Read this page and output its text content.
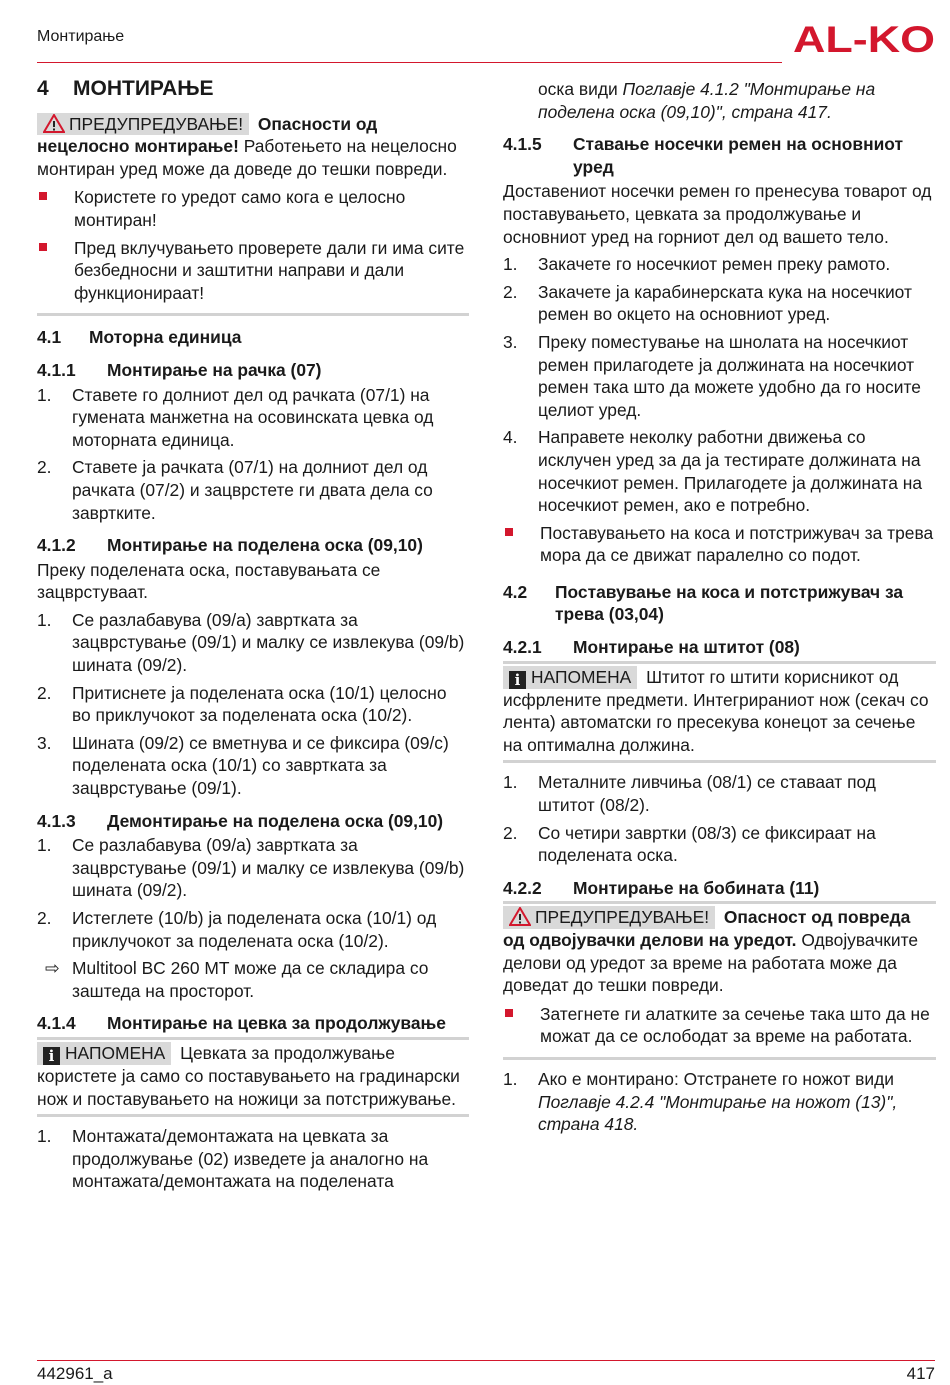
Монтирање	AL-KO
4	МОНТИРАЊЕ

ПРЕДУПРЕДУВАЊЕ! Опасности од нецелосно монтирање! Работењето на нецелосно монтиран уред може да доведе до тешки повреди.

Користете го уредот само кога е целосно монтиран!
Пред вклучувањето проверете дали ги има сите безбедносни и заштитни направи и дали функционираат!
4.1	Моторна единица
4.1.1	Монтирање на рачка (07)
1.	Ставете го долниот дел од рачката (07/1) на гумената манжетна на осовинската цевка од моторната единица.
2.	Ставете ја рачката (07/1) на долниот дел од рачката (07/2) и зацврстете ги двата дела со завртките.
4.1.2	Монтирање на поделена оска (09,10)

Преку поделената оска, поставувањата се зацврстуваат.

1.	Се разлабавува (09/a) завртката за зацврстување (09/1) и малку се извлекува (09/b) шината (09/2).
2.	Притиснете ја поделената оска (10/1) целосно во приклучокот за поделената оска (10/2).
3.	Шината (09/2) се вметнува и се фиксира (09/c) поделената оска (10/1) со завртката за зацврстување (09/1).
4.1.3	Демонтирање на поделена оска (09,10)
1.	Се разлабавува (09/a) завртката за зацврстување (09/1) и малку се извлекува (09/b) шината (09/2).
2.	Истеглете (10/b) ја поделената оска (10/1) од приклучокот за поделената оска (10/2).
⇨ Multitool BC 260 MT може да се складира со заштеда на просторот.
4.1.4	Монтирање на цевка за продолжување

i НАПОМЕНА Цевката за продолжување користете ја само со поставувањето на градинарски нож и поставувањето на ножици за потстрижување.

1.	Монтажата/демонтажата на цевката за продолжување (02) изведете ја аналогно на монтажата/демонтажата на поделената

оска види Поглавје 4.1.2 "Монтирање на поделена оска (09,10)", страна 417.

4.1.5	Ставање носечки ремен на основниот уред

Доставениот носечки ремен го пренесува товарот од поставувањето, цевката за продолжување и основниот уред на горниот дел од вашето тело.

1.	Закачете го носечкиот ремен преку рамото.
2.	Закачете ја карабинерската кука на носечкиот ремен во окцето на основниот уред.
3.	Преку поместување на шнолата на носечкиот ремен прилагодете ја должината на носечкиот ремен така што да можете удобно да го носите целиот уред.
4.	Направете неколку работни движења со исклучен уред за да ја тестирате должината на носечкиот ремен. Прилагодете ја должината на носечкиот ремен, ако е потребно.
Поставувањето на коса и потстрижувач за трева мора да се движат паралелно со подот.
4.2	Поставување на коса и потстрижувач за трева (03,04)
4.2.1	Монтирање на штитот (08)

i НАПОМЕНА Штитот го штити корисникот од исфрлените предмети. Интегрираниот нож (секач со лента) автоматски го пресекува конецот за сечење на оптимална должина.

1.	Металните ливчиња (08/1) се ставаат под штитот (08/2).
2.	Со четири завртки (08/3) се фиксираат на поделената оска.
4.2.2	Монтирање на бобината (11)

ПРЕДУПРЕДУВАЊЕ! Опасност од повреда од одвојувачки делови на уредот. Одвојувачките делови од уредот за време на работата може да доведат до тешки повреди.

Затегнете ги алатките за сечење така што да не можат да се ослободат за време на работата.
1.	Ако е монтирано: Отстранете го ножот види Поглавје 4.2.4 "Монтирање на ножот (13)", страна 418.
442961_a	417
